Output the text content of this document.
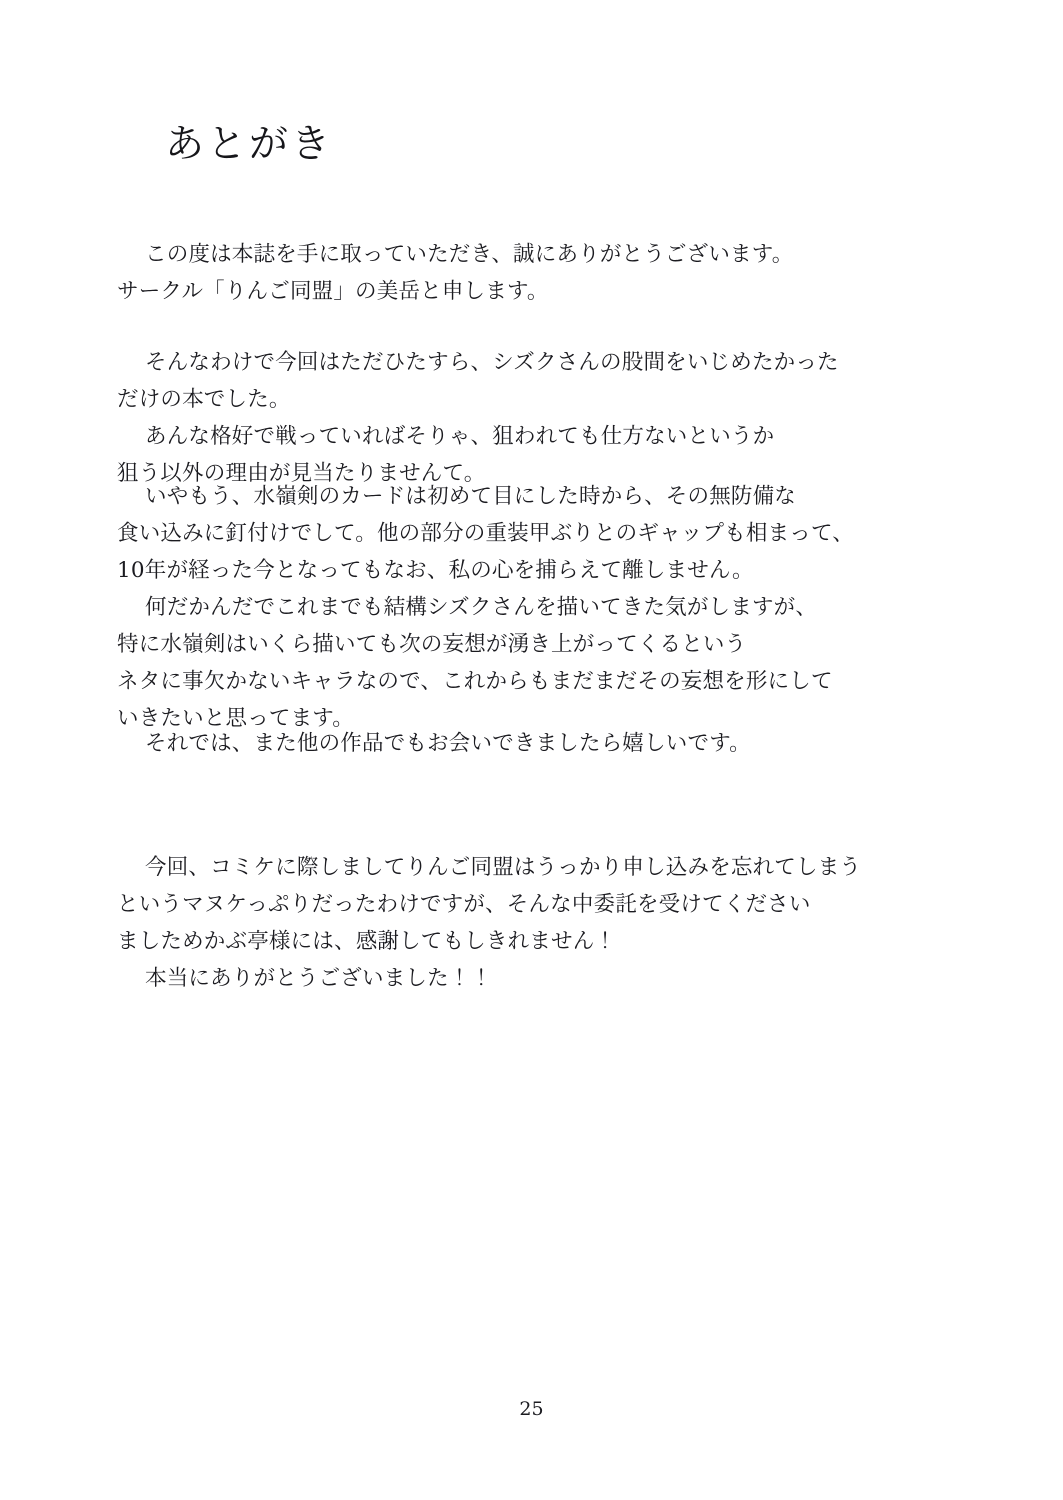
あとがき

この度は本誌を手に取っていただき、誠にありがとうございます。

サークル「りんご同盟」の美岳と申します。

そんなわけで今回はただひたすら、シズクさんの股間をいじめたかった

だけの本でした。

あんな格好で戦っていればそりゃ、狙われても仕方ないというか

狙う以外の理由が見当たりませんて。

いやもう、水嶺剣のカードは初めて目にした時から、その無防備な

食い込みに釘付けでして。他の部分の重装甲ぶりとのギャップも相まって、

10年が経った今となってもなお、私の心を捕らえて離しません。

何だかんだでこれまでも結構シズクさんを描いてきた気がしますが、

特に水嶺剣はいくら描いても次の妄想が湧き上がってくるという

ネタに事欠かないキャラなので、これからもまだまだその妄想を形にして

いきたいと思ってます。

それでは、また他の作品でもお会いできましたら嬉しいです。

今回、コミケに際しましてりんご同盟はうっかり申し込みを忘れてしまう

というマヌケっぷりだったわけですが、そんな中委託を受けてください

ましためかぶ亭様には、感謝してもしきれません！

本当にありがとうございました！！

25
